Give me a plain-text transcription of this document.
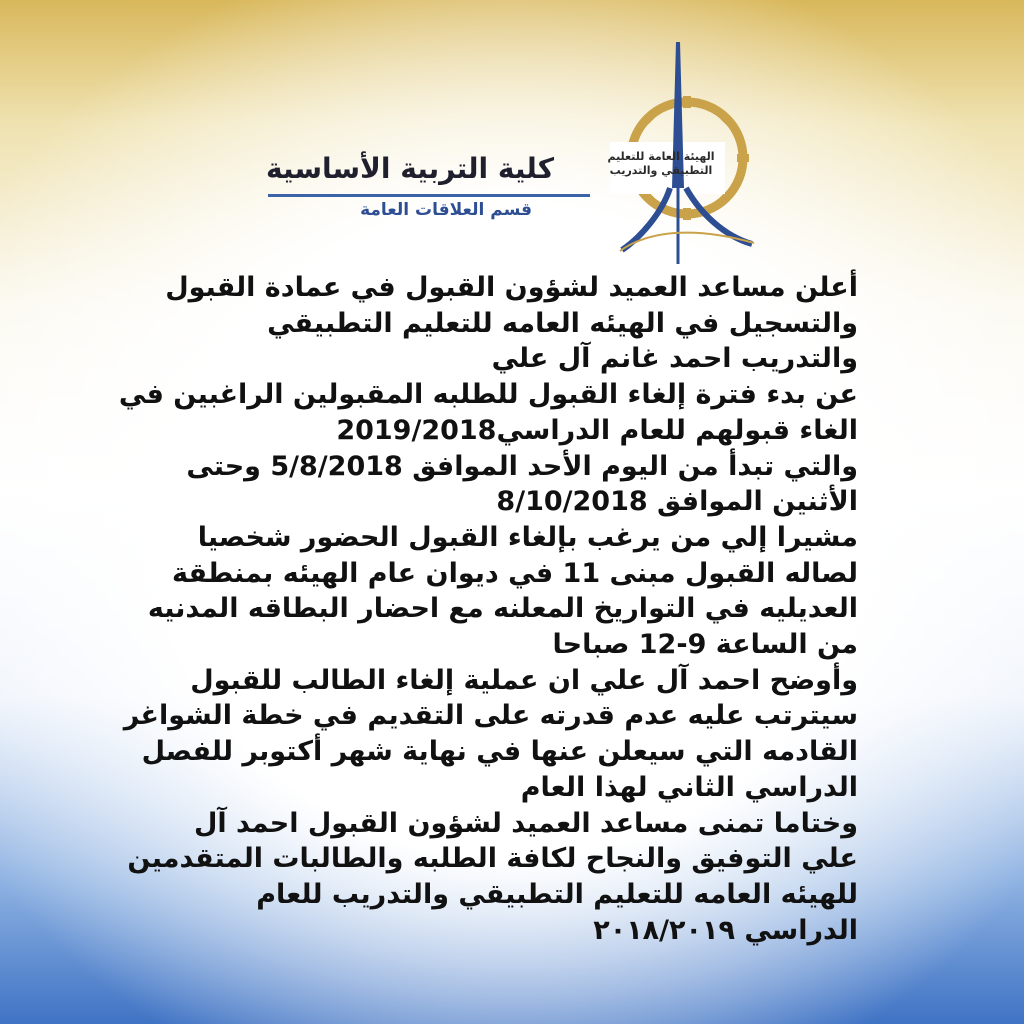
كلية التربية الأساسية
قسم العلاقات العامة
الهيئة العامة للتعليم التطبيقي والتدريب

أعلن مساعد العميد لشؤون القبول في عمادة القبول

والتسجيل في الهيئه العامه للتعليم التطبيقي

والتدريب احمد غانم آل علي

عن بدء فترة إلغاء القبول للطلبه المقبولين الراغبين في

الغاء قبولهم للعام الدراسي2019/2018

والتي تبدأ من اليوم الأحد الموافق 5/8/2018 وحتى

الأثنين الموافق 8/10/2018

مشيرا إلي من يرغب بإلغاء القبول الحضور شخصيا

لصاله القبول مبنى 11 في ديوان عام الهيئه بمنطقة

العديليه في التواريخ المعلنه مع احضار البطاقه المدنيه

من الساعة 9-12 صباحا

وأوضح احمد آل علي ان عملية إلغاء الطالب للقبول

سيترتب عليه عدم قدرته على التقديم في خطة الشواغر

القادمه التي سيعلن عنها في نهاية شهر أكتوبر للفصل

الدراسي الثاني لهذا العام

وختاما تمنى مساعد العميد لشؤون القبول احمد آل

علي التوفيق والنجاح لكافة الطلبه والطالبات المتقدمين

للهيئه العامه للتعليم التطبيقي والتدريب للعام

الدراسي ٢٠١٨/٢٠١٩
